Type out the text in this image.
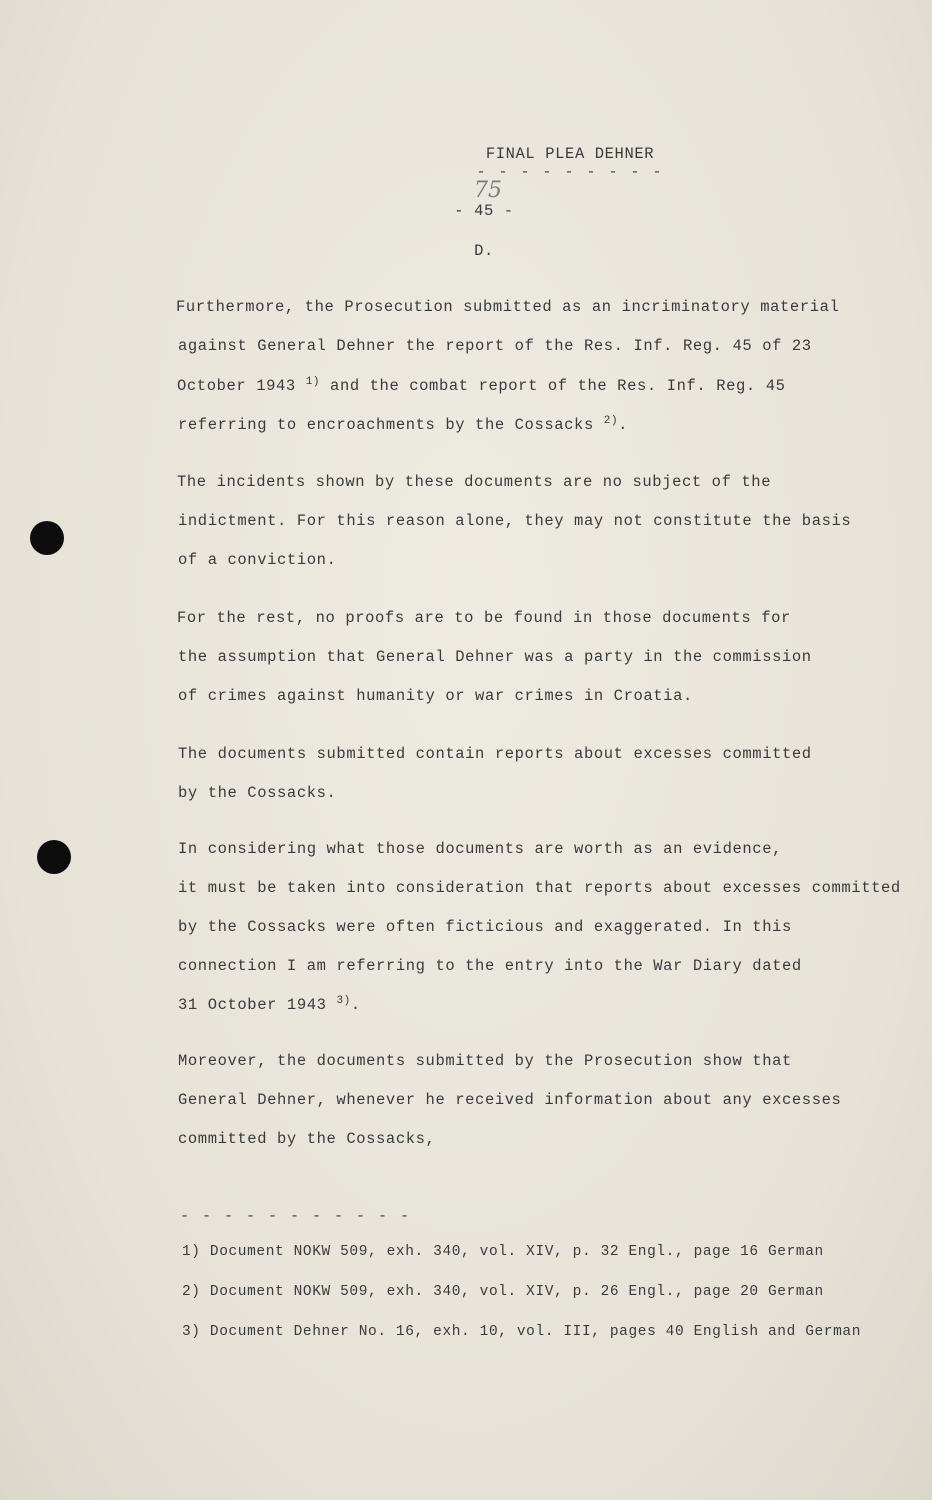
FINAL PLEA DEHNER
- - - - - - - - -
75
- 45 -
D.
Furthermore, the Prosecution submitted as an incriminatory material
against General Dehner the report of the Res. Inf. Reg. 45 of 23
October 1943 $^{1)}$ and the combat report of the Res. Inf. Reg. 45
referring to encroachments by the Cossacks $^{2)}$.
The incidents shown by these documents are no subject of the
indictment. For this reason alone, they may not constitute the basis
of a conviction.
For the rest, no proofs are to be found in those documents for
the assumption that General Dehner was a party in the commission
of crimes against humanity or war crimes in Croatia.
The documents submitted contain reports about excesses committed
by the Cossacks.
In considering what those documents are worth as an evidence,
it must be taken into consideration that reports about excesses committed
by the Cossacks were often ficticious and exaggerated. In this
connection I am referring to the entry into the War Diary dated
31 October 1943 $^{3)}$.
Moreover, the documents submitted by the Prosecution show that
General Dehner, whenever he received information about any excesses
committed by the Cossacks,
- - - - - - - - - - -
1) Document NOKW 509, exh. 340, vol. XIV, p. 32 Engl., page 16 German
2) Document NOKW 509, exh. 340, vol. XIV, p. 26 Engl., page 20 German
3) Document Dehner No. 16, exh. 10, vol. III, pages 40 English and German
